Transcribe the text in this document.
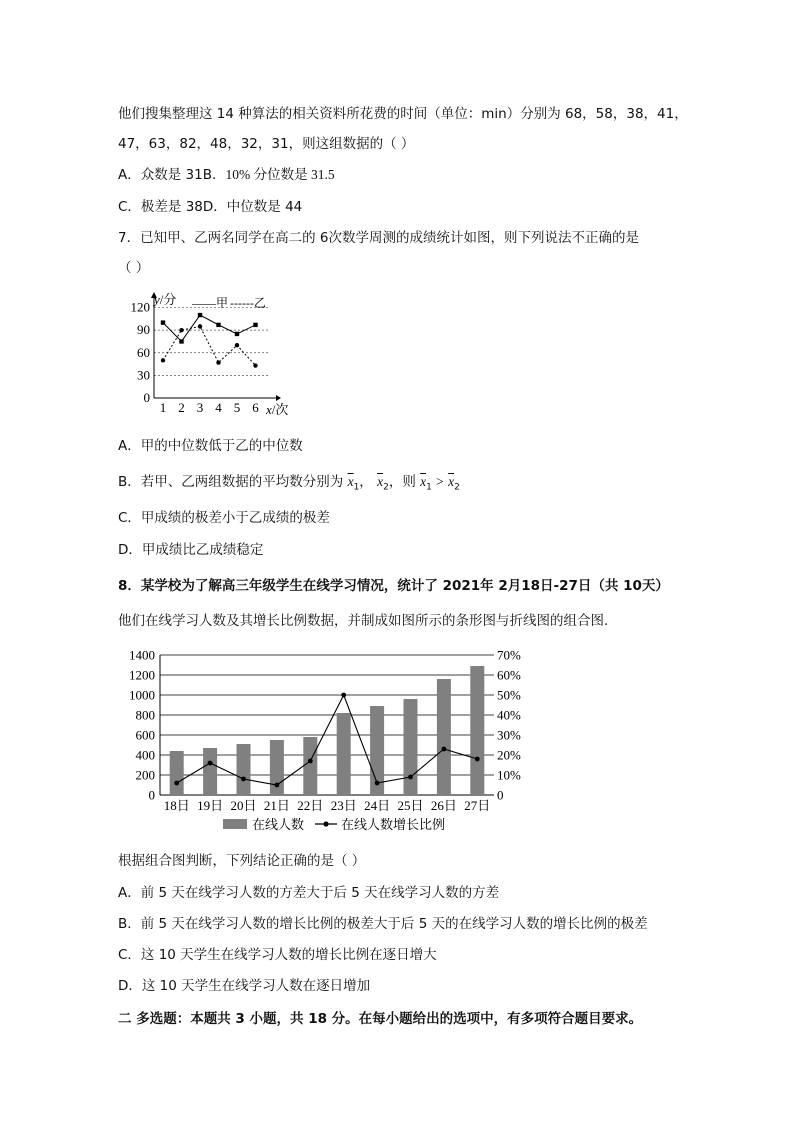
他们搜集整理这 14 种算法的相关资料所花费的时间（单位：min）分别为 68，58，38，41，
47，63，82，48，32，31，则这组数据的（ ）
A．众数是 31B．10% 分位数是 31.5
C．极差是 38D．中位数是 44
7．已知甲、乙两名同学在高二的 6次数学周测的成绩统计如图，则下列说法不正确的是
（ ）
0
30
60
90
120
1 2 3 4 5 6
y/分
x/次
——甲 ------乙
A．甲的中位数低于乙的中位数
B．若甲、乙两组数据的平均数分别为 $\overline{x}_1$， $\overline{x}_2$，则 $\overline{x}_1 > \overline{x}_2$
C．甲成绩的极差小于乙成绩的极差
D．甲成绩比乙成绩稳定
8．某学校为了解高三年级学生在线学习情况，统计了 2021年 2月18日-27日（共 10天）
他们在线学习人数及其增长比例数据，并制成如图所示的条形图与折线图的组合图.
0
200
400
600
800
1000
1200
1400
0
10%
20%
30%
40%
50%
60%
70%
18日 19日 20日 21日 22日 23日 24日 25日 26日 27日
在线人数	在线人数增长比例
根据组合图判断，下列结论正确的是（ ）
A．前 5 天在线学习人数的方差大于后 5 天在线学习人数的方差
B．前 5 天在线学习人数的增长比例的极差大于后 5 天的在线学习人数的增长比例的极差
C．这 10 天学生在线学习人数的增长比例在逐日增大
D．这 10 天学生在线学习人数在逐日增加
二 多选题：本题共 3 小题，共 18 分。在每小题给出的选项中，有多项符合题目要求。
